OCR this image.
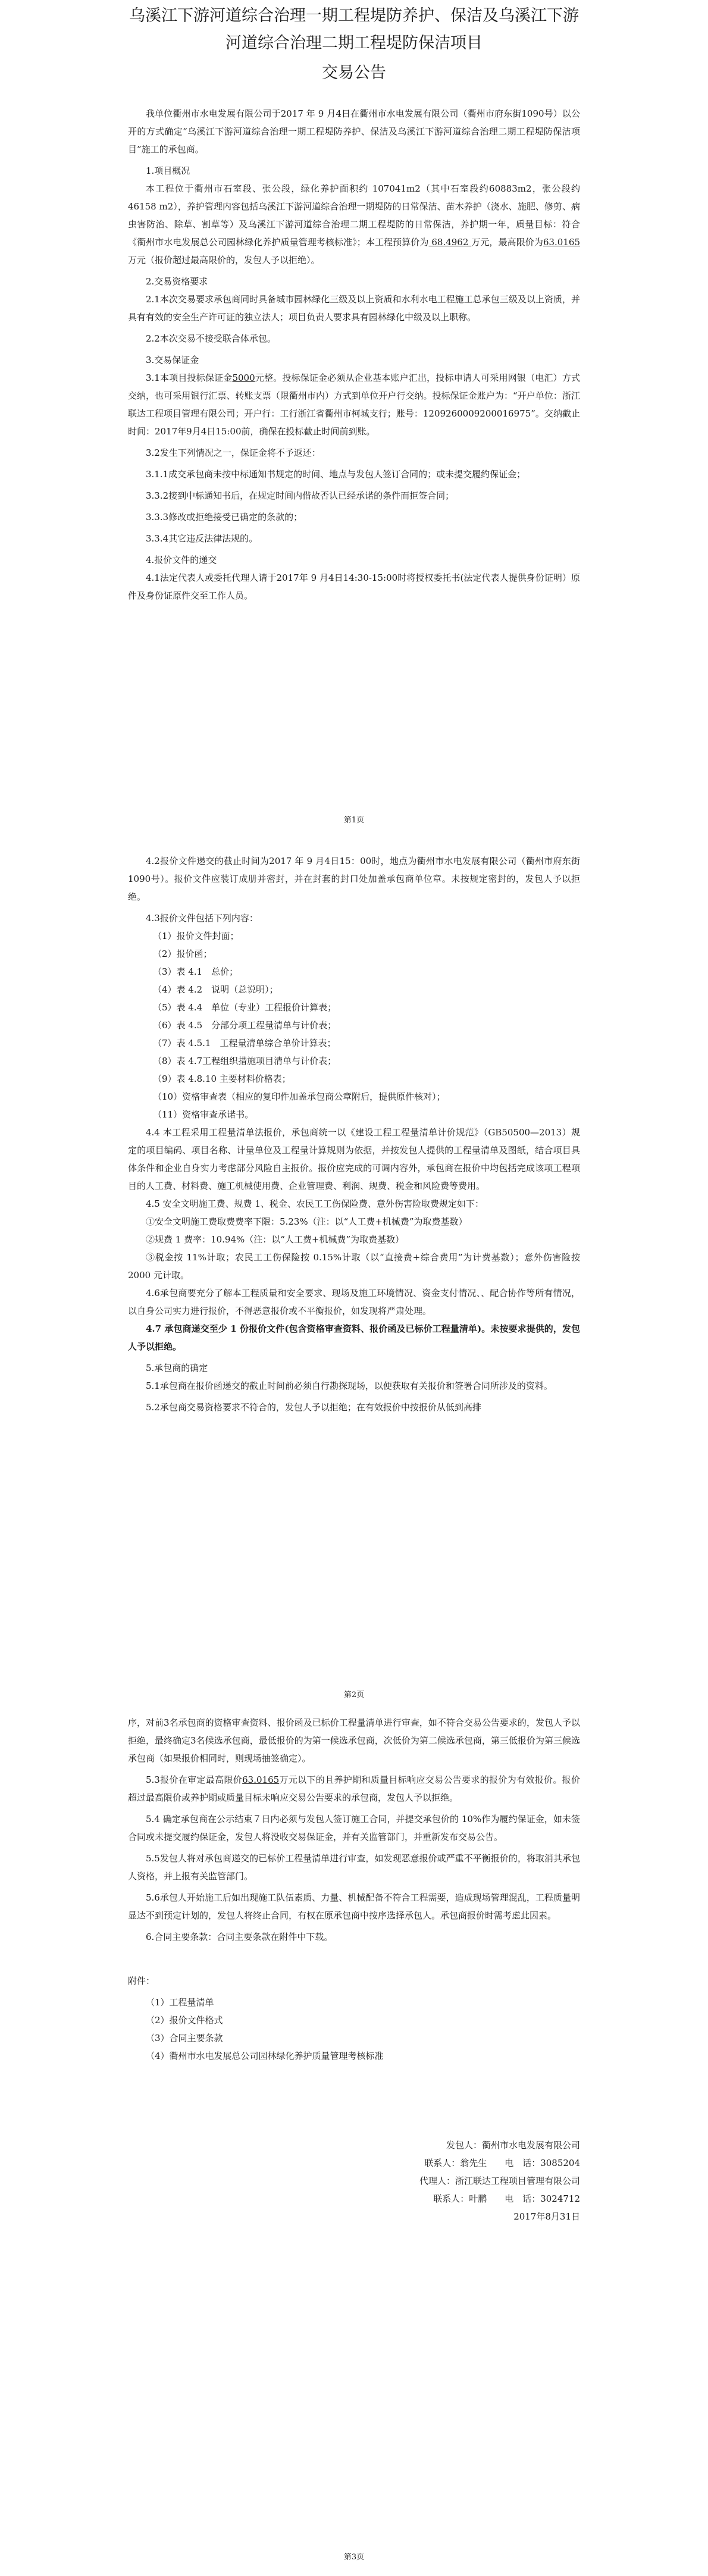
乌溪江下游河道综合治理一期工程堤防养护、保洁及乌溪江下游
河道综合治理二期工程堤防保洁项目
交易公告

我单位衢州市水电发展有限公司于2017 年 9 月4日在衢州市水电发展有限公司（衢州市府东街1090号）以公开的方式确定“乌溪江下游河道综合治理一期工程堤防养护、保洁及乌溪江下游河道综合治理二期工程堤防保洁项目”施工的承包商。

1.项目概况

本工程位于衢州市石室段、张公段，绿化养护面积约 107041m2（其中石室段约60883m2，张公段约 46158 m2），养护管理内容包括乌溪江下游河道综合治理一期堤防的日常保洁、苗木养护（浇水、施肥、修剪、病虫害防治、除草、割草等）及乌溪江下游河道综合治理二期工程堤防的日常保洁，养护期一年，质量目标：符合《衢州市水电发展总公司园林绿化养护质量管理考核标准》；本工程预算价为 68.4962 万元，最高限价为63.0165 万元（报价超过最高限价的，发包人予以拒绝）。

2.交易资格要求

2.1本次交易要求承包商同时具备城市园林绿化三级及以上资质和水利水电工程施工总承包三级及以上资质，并具有有效的安全生产许可证的独立法人；项目负责人要求具有园林绿化中级及以上职称。

2.2本次交易不接受联合体承包。

3.交易保证金

3.1本项目投标保证金5000元整。投标保证金必须从企业基本账户汇出，投标申请人可采用网银（电汇）方式交纳，也可采用银行汇票、转账支票（限衢州市内）方式到单位开户行交纳。投标保证金账户为：“开户单位：浙江联达工程项目管理有限公司；开户行：工行浙江省衢州市柯城支行；账号：1209260009200016975”。交纳截止时间：2017年9月4日15:00前，确保在投标截止时间前到账。

3.2发生下列情况之一，保证金将不予返还：

3.1.1成交承包商未按中标通知书规定的时间、地点与发包人签订合同的；或未提交履约保证金；

3.3.2接到中标通知书后，在规定时间内借故否认已经承诺的条件而拒签合同；

3.3.3修改或拒绝接受已确定的条款的；

3.3.4其它违反法律法规的。

4.报价文件的递交

4.1法定代表人或委托代理人请于2017年 9 月4日14:30-15:00时将授权委托书(法定代表人提供身份证明）原件及身份证原件交至工作人员。

第1页

4.2报价文件递交的截止时间为2017 年 9 月4日15：00时，地点为衢州市水电发展有限公司（衢州市府东街1090号）。报价文件应装订成册并密封，并在封套的封口处加盖承包商单位章。未按规定密封的，发包人予以拒绝。

4.3报价文件包括下列内容：

（1）报价文件封面；

（2）报价函；

（3）表 4.1　总价；

（4）表 4.2　说明（总说明）；

（5）表 4.4　单位（专业）工程报价计算表；

（6）表 4.5　分部分项工程量清单与计价表；

（7）表 4.5.1　工程量清单综合单价计算表；

（8）表 4.7工程组织措施项目清单与计价表；

（9）表 4.8.10 主要材料价格表；

（10）资格审查表（相应的复印件加盖承包商公章附后，提供原件核对）；

（11）资格审查承诺书。

4.4 本工程采用工程量清单法报价，承包商统一以《建设工程工程量清单计价规范》（GB50500—2013）规定的项目编码、项目名称、计量单位及工程量计算规则为依据，并按发包人提供的工程量清单及图纸，结合项目具体条件和企业自身实力考虑部分风险自主报价。报价应完成的可调内容外，承包商在报价中均包括完成该项工程项目的人工费、材料费、施工机械使用费、企业管理费、利润、规费、税金和风险费等费用。

4.5 安全文明施工费、规费 1、税金、农民工工伤保险费、意外伤害险取费规定如下：

①安全文明施工费取费费率下限：5.23%（注：以“人工费+机械费”为取费基数）

②规费 1 费率：10.94%（注：以“人工费+机械费”为取费基数）

③税金按 11%计取；农民工工伤保险按 0.15%计取（以“直接费+综合费用”为计费基数）；意外伤害险按 2000 元计取。

4.6承包商要充分了解本工程质量和安全要求、现场及施工环境情况、资金支付情况、、配合协作等所有情况，以自身公司实力进行报价，不得恶意报价或不平衡报价，如发现将严肃处理。

4.7 承包商递交至少 1 份报价文件(包含资格审查资料、报价函及已标价工程量清单)。未按要求提供的，发包人予以拒绝。

5.承包商的确定

5.1承包商在报价函递交的截止时间前必须自行勘探现场，以便获取有关报价和签署合同所涉及的资料。

5.2承包商交易资格要求不符合的，发包人予以拒绝；在有效报价中按报价从低到高排

第2页

序，对前3名承包商的资格审查资料、报价函及已标价工程量清单进行审查，如不符合交易公告要求的，发包人予以拒绝，最终确定3名候选承包商，最低报价的为第一候选承包商，次低价为第二候选承包商，第三低报价为第三候选承包商（如果报价相同时，则现场抽签确定）。

5.3报价在审定最高限价63.0165万元以下的且养护期和质量目标响应交易公告要求的报价为有效报价。报价超过最高限价或养护期或质量目标未响应交易公告要求的承包商，发包人予以拒绝。

5.4 确定承包商在公示结束７日内必须与发包人签订施工合同，并提交承包价的 10%作为履约保证金，如未签合同或未提交履约保证金，发包人将没收交易保证金，并有关监管部门，并重新发布交易公告。

5.5发包人将对承包商递交的已标价工程量清单进行审查，如发现恶意报价或严重不平衡报价的，将取消其承包人资格，并上报有关监管部门。

5.6承包人开始施工后如出现施工队伍素质、力量、机械配备不符合工程需要，造成现场管理混乱，工程质量明显达不到预定计划的，发包人将终止合同，有权在原承包商中按序选择承包人。承包商报价时需考虑此因素。

6.合同主要条款：合同主要条款在附件中下载。

附件：

（1）工程量清单

（2）报价文件格式

（3）合同主要条款

（4）衢州市水电发展总公司园林绿化养护质量管理考核标准

发包人：衢州市水电发展有限公司

联系人：翁先生　　电　话：3085204

代理人：浙江联达工程项目管理有限公司

联系人：叶鹏　　电　话：3024712

2017年8月31日

第3页
